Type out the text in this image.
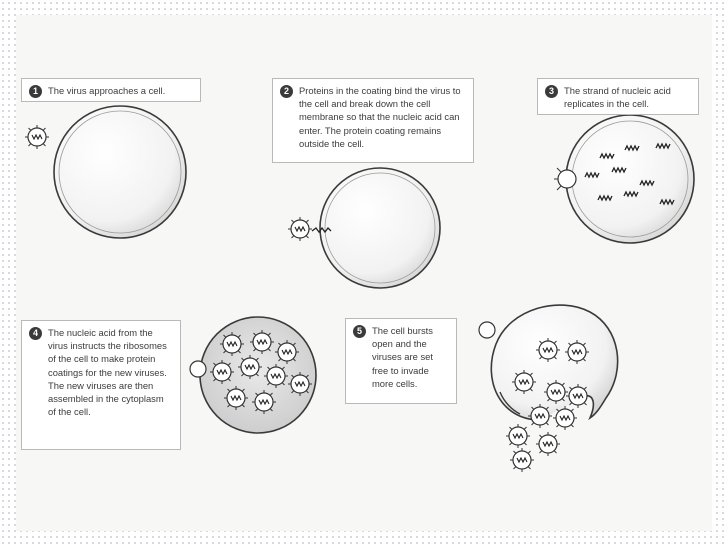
1	The virus approaches a cell.	2	Proteins in the coating bind the virus to the cell and break down the cell membrane so that the nucleic acid can enter. The protein coating remains outside the cell.
3	The strand of nucleic acid replicates in the cell.
4	The nucleic acid from the virus instructs the ribosomes of the cell to make protein coatings for the new viruses. The new viruses are then assembled in the cytoplasm of the cell.
5	The cell bursts open and the viruses are set free to invade more cells.
